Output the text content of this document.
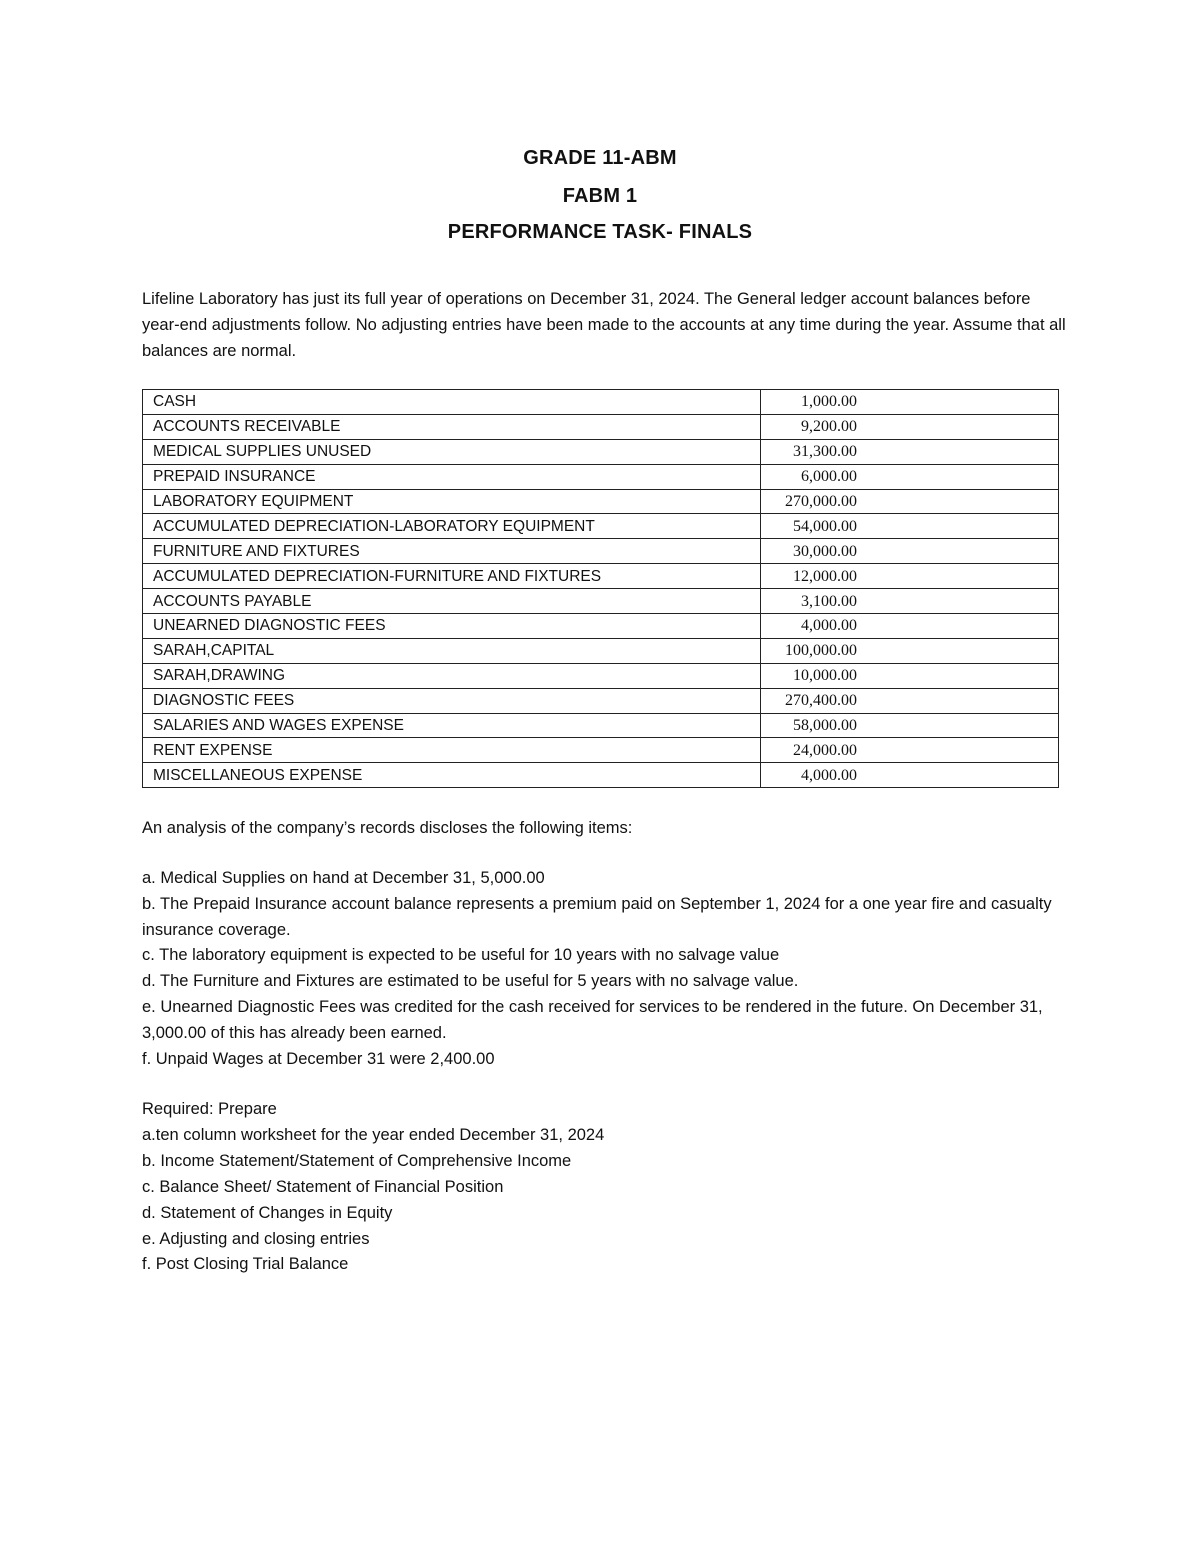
GRADE 11-ABM
FABM 1
PERFORMANCE TASK- FINALS
Lifeline Laboratory has just its full year of operations on December 31, 2024. The General ledger account balances before year-end adjustments follow. No adjusting entries have been made to the accounts at any time during the year. Assume that all balances are normal.
CASH	1,000.00
ACCOUNTS RECEIVABLE	9,200.00
MEDICAL SUPPLIES UNUSED	31,300.00
PREPAID INSURANCE	6,000.00
LABORATORY EQUIPMENT	270,000.00
ACCUMULATED DEPRECIATION-LABORATORY EQUIPMENT	54,000.00
FURNITURE AND FIXTURES	30,000.00
ACCUMULATED DEPRECIATION-FURNITURE AND FIXTURES	12,000.00
ACCOUNTS PAYABLE	3,100.00
UNEARNED DIAGNOSTIC FEES	4,000.00
SARAH,CAPITAL	100,000.00
SARAH,DRAWING	10,000.00
DIAGNOSTIC FEES	270,400.00
SALARIES AND WAGES EXPENSE	58,000.00
RENT EXPENSE	24,000.00
MISCELLANEOUS EXPENSE	4,000.00
An analysis of the company’s records discloses the following items:

a. Medical Supplies on hand at December 31, 5,000.00

b. The Prepaid Insurance account balance represents a premium paid on September 1, 2024 for a one year fire and casualty insurance coverage.

c. The laboratory equipment is expected to be useful for 10 years with no salvage value

d. The Furniture and Fixtures are estimated to be useful for 5 years with no salvage value.

e. Unearned Diagnostic Fees was credited for the cash received for services to be rendered in the future. On December 31, 3,000.00 of this has already been earned.

f. Unpaid Wages at December 31 were 2,400.00

Required: Prepare

a.ten column worksheet for the year ended December 31, 2024

b. Income Statement/Statement of Comprehensive Income

c. Balance Sheet/ Statement of Financial Position

d. Statement of Changes in Equity

e. Adjusting and closing entries

f. Post Closing Trial Balance
